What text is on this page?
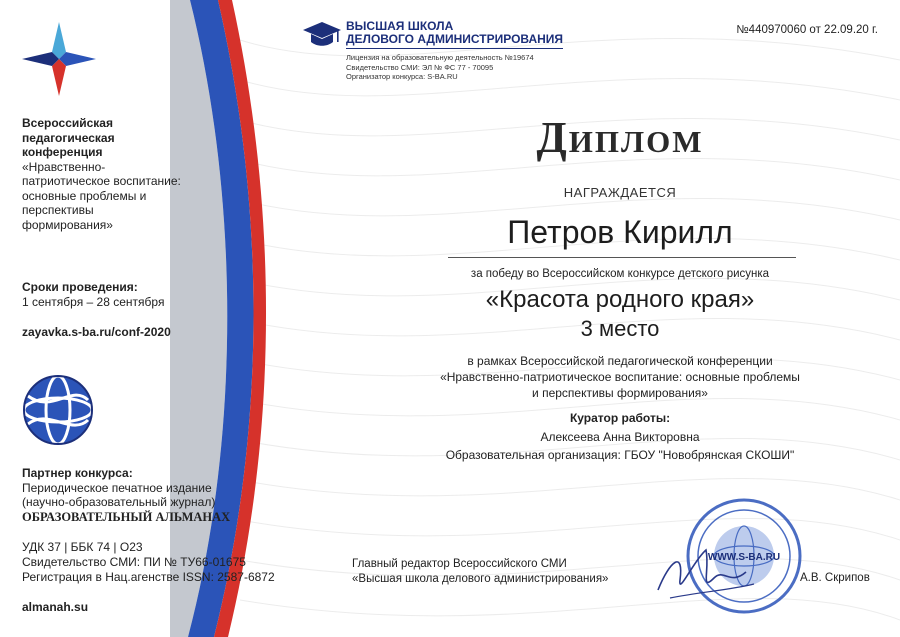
Всероссийская педагогическая конференция
«Нравственно-патриотическое воспитание: основные проблемы и перспективы формирования»
Сроки проведения:
1 сентября – 28 сентября
zayavka.s-ba.ru/conf-2020
Партнер конкурса:
Периодическое печатное издание
(научно-образовательный журнал)
ОБРАЗОВАТЕЛЬНЫЙ АЛЬМАНАХ
УДК 37 | ББК 74 | О23
Свидетельство СМИ: ПИ № ТУ66-01675
Регистрация в Нац.агенстве ISSN: 2587-6872
almanah.su
ВЫСШАЯ ШКОЛА
ДЕЛОВОГО АДМИНИСТРИРОВАНИЯ
Лицензия на образовательную деятельность №19674
Свидетельство СМИ: ЭЛ № ФС 77 - 70095
Организатор конкурса: S-BA.RU
№440970060 от 22.09.20 г.
Диплом
НАГРАЖДАЕТСЯ
Петров Кирилл
за победу во Всероссийском конкурсе детского рисунка
«Красота родного края»
3 место
в рамках Всероссийской педагогической конференции
«Нравственно-патриотическое воспитание: основные проблемы
и перспективы формирования»
Куратор работы:
Алексеева Анна Викторовна
Образовательная организация: ГБОУ "Новобрянская СКОШИ"
WWW.S-BA.RU
Главный редактор Всероссийского СМИ
«Высшая школа делового администрирования»	А.В. Скрипов
